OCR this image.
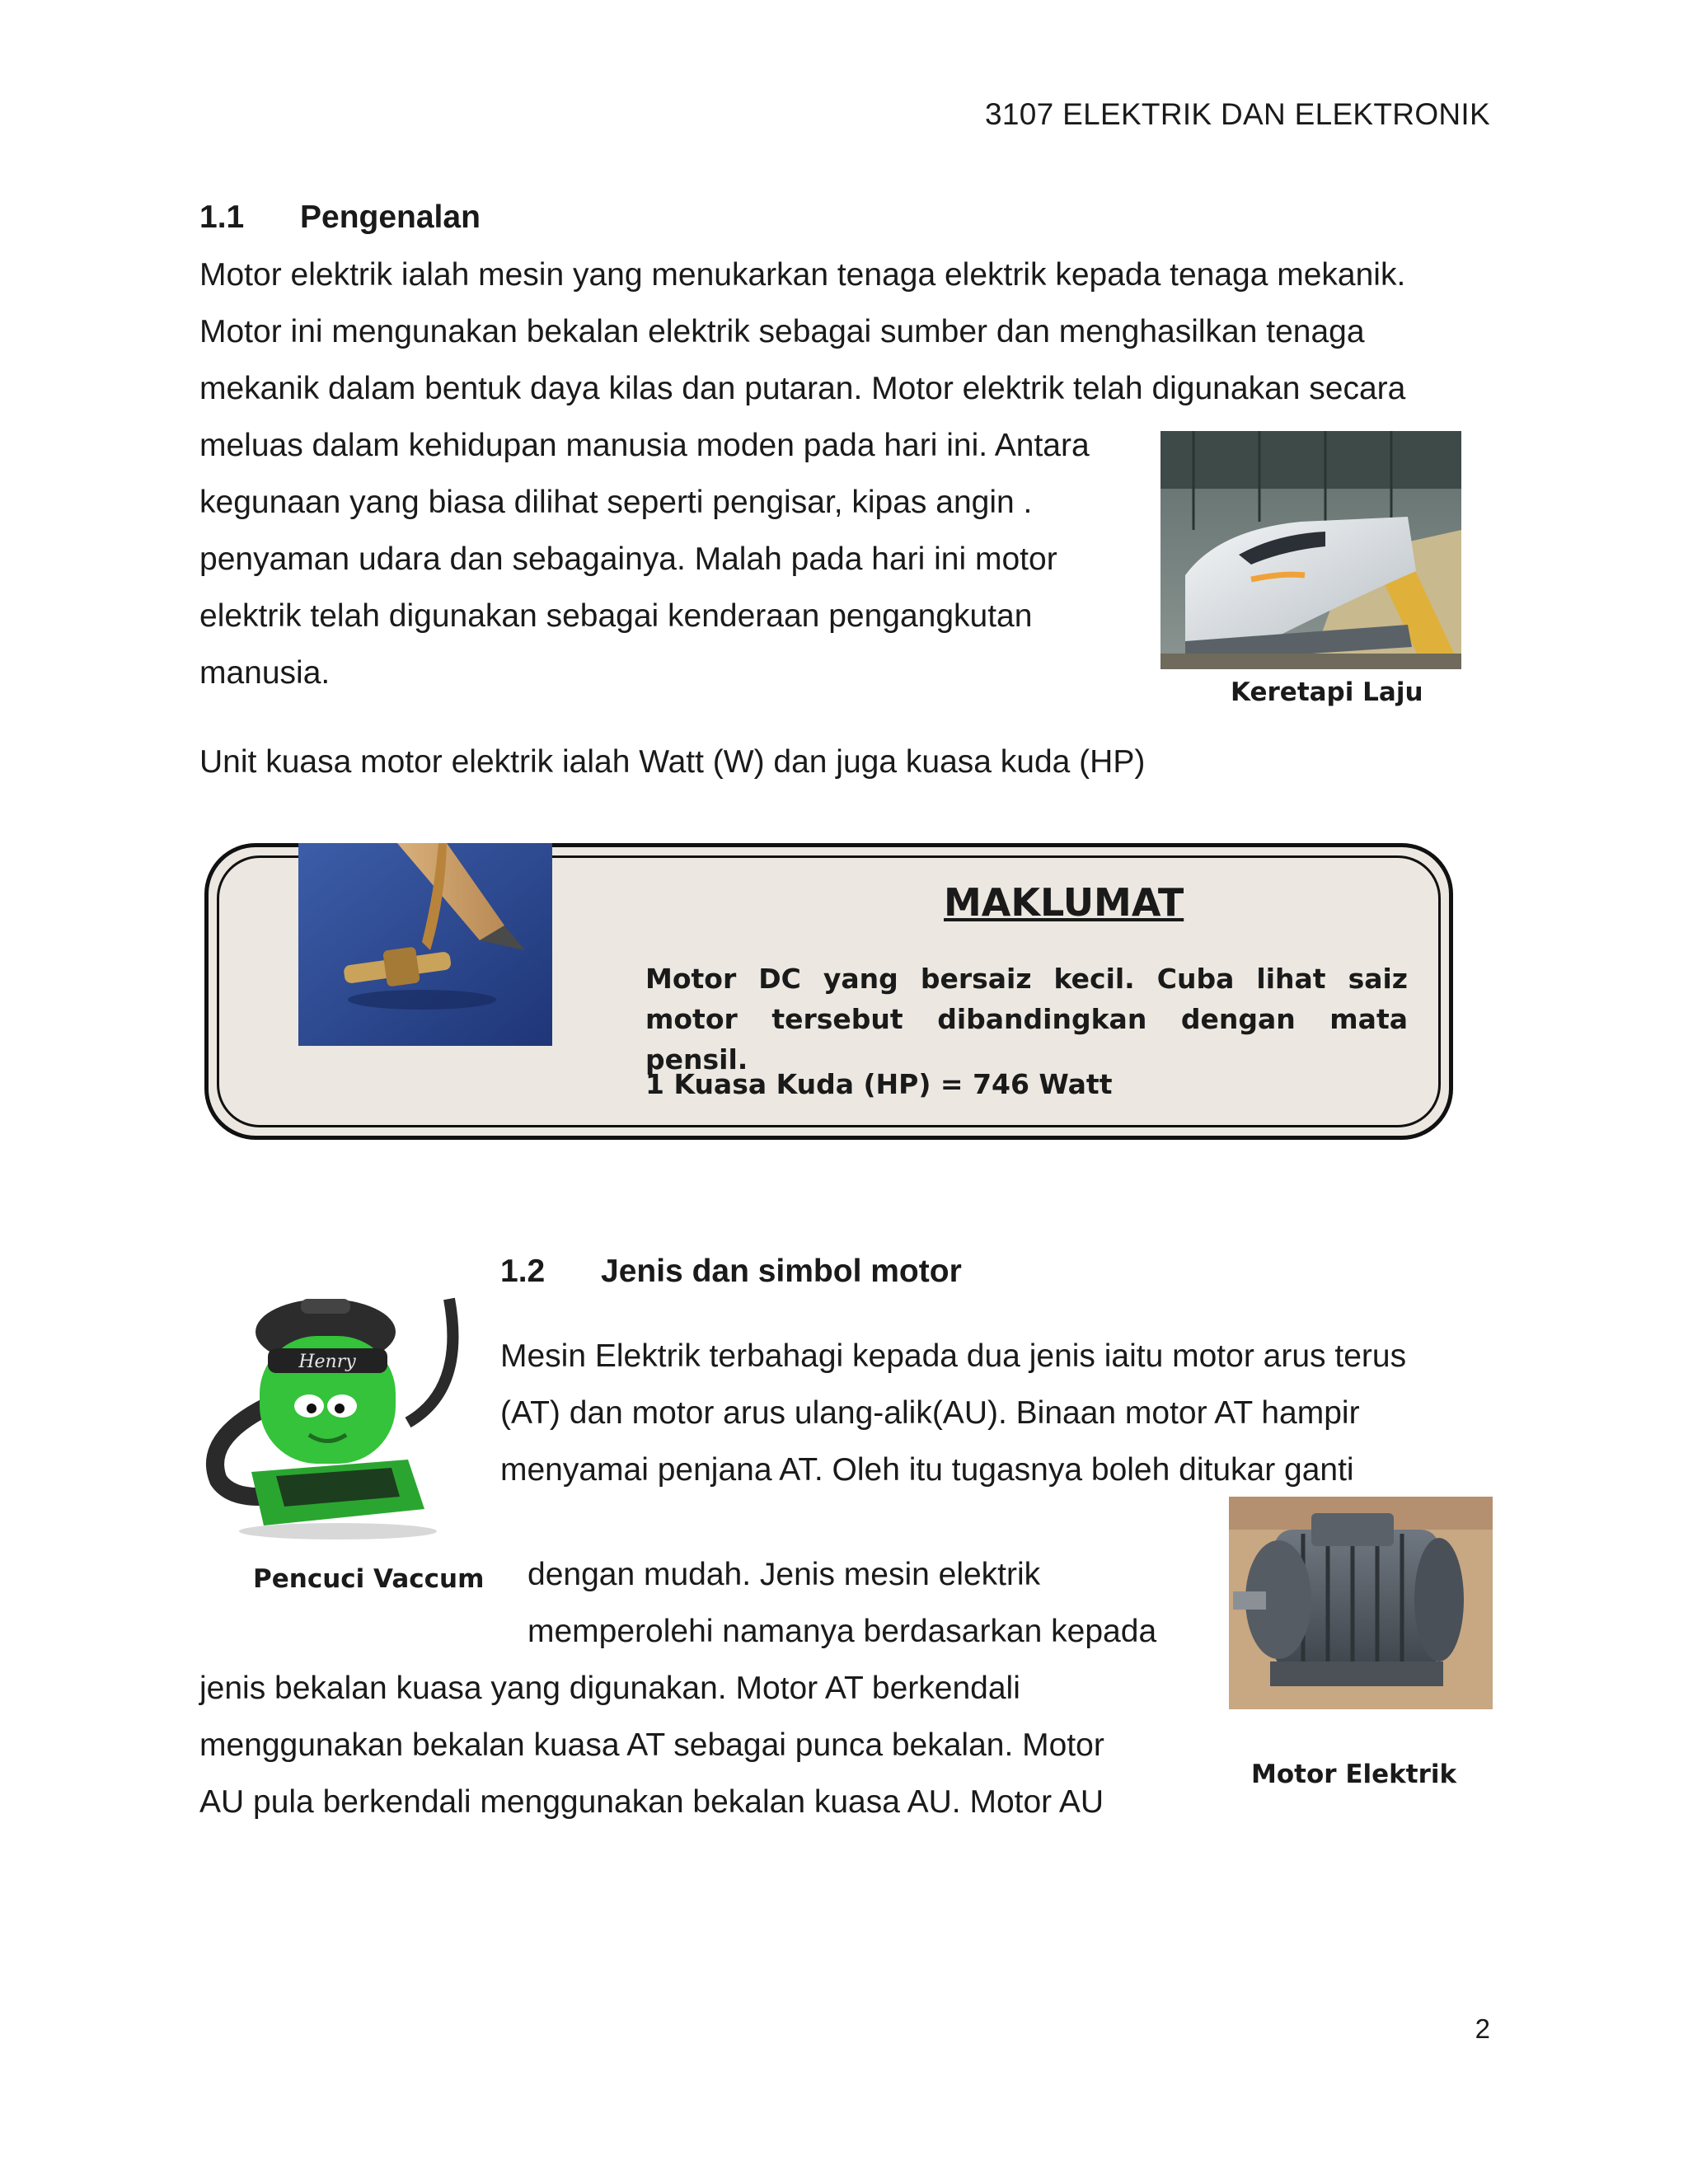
3107 ELEKTRIK DAN ELEKTRONIK
1.1 Pengenalan
Motor elektrik ialah mesin yang menukarkan tenaga elektrik kepada tenaga mekanik.
Motor ini mengunakan bekalan elektrik sebagai sumber dan menghasilkan tenaga
mekanik dalam bentuk daya kilas dan putaran. Motor elektrik telah digunakan secara
meluas dalam kehidupan manusia moden pada hari ini. Antara
kegunaan yang biasa dilihat seperti pengisar, kipas angin .
penyaman udara dan sebagainya. Malah pada hari ini motor
elektrik telah digunakan sebagai kenderaan pengangkutan
manusia.
Keretapi Laju
Unit kuasa motor elektrik ialah Watt (W) dan juga kuasa kuda (HP)
MAKLUMAT
Motor DC yang bersaiz kecil. Cuba lihat saiz motor tersebut dibandingkan dengan mata pensil.
1 Kuasa Kuda (HP) = 746 Watt
1.2 Jenis dan simbol motor
Henry
Pencuci Vaccum
Mesin Elektrik terbahagi kepada dua jenis iaitu motor arus terus
(AT) dan motor arus ulang-alik(AU). Binaan motor AT hampir
menyamai penjana AT. Oleh itu tugasnya boleh ditukar ganti
dengan mudah. Jenis mesin elektrik
memperolehi namanya berdasarkan kepada
jenis bekalan kuasa yang digunakan. Motor AT berkendali
menggunakan bekalan kuasa AT sebagai punca bekalan. Motor
AU pula berkendali menggunakan bekalan kuasa AU. Motor AU
Motor Elektrik
2
